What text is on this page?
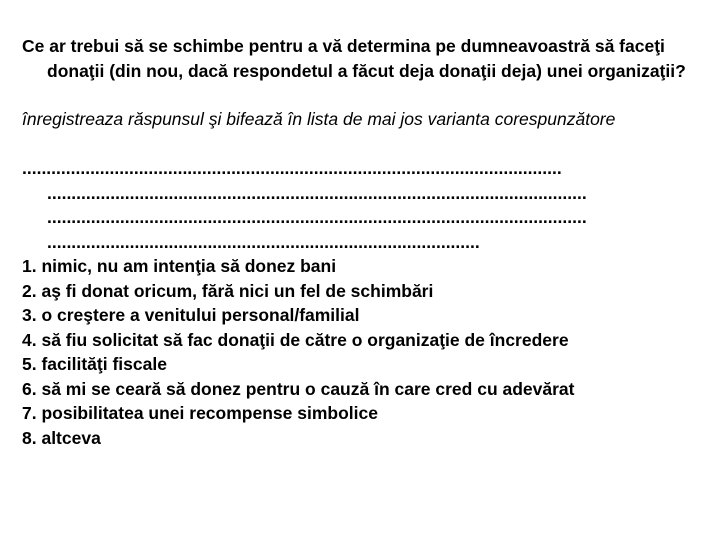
Ce ar trebui să se schimbe pentru a vă determina pe dumneavoastră să faceţi donaţii (din nou, dacă respondetul a făcut deja donaţii deja) unei organizaţii?

înregistreaza răspunsul şi bifează în lista de mai jos varianta corespunzătore

...............................................................................................................
...............................................................................................................
...............................................................................................................
.........................................................................................
1. nimic, nu am intenţia să donez bani
2. aş fi donat oricum, fără nici un fel de schimbări
3. o creştere a venitului personal/familial
4. să fiu solicitat să fac donaţii de către o organizaţie de încredere
5. facilităţi fiscale
6. să mi se ceară să donez pentru o cauză în care cred cu adevărat
7. posibilitatea unei recompense simbolice
8. altceva
